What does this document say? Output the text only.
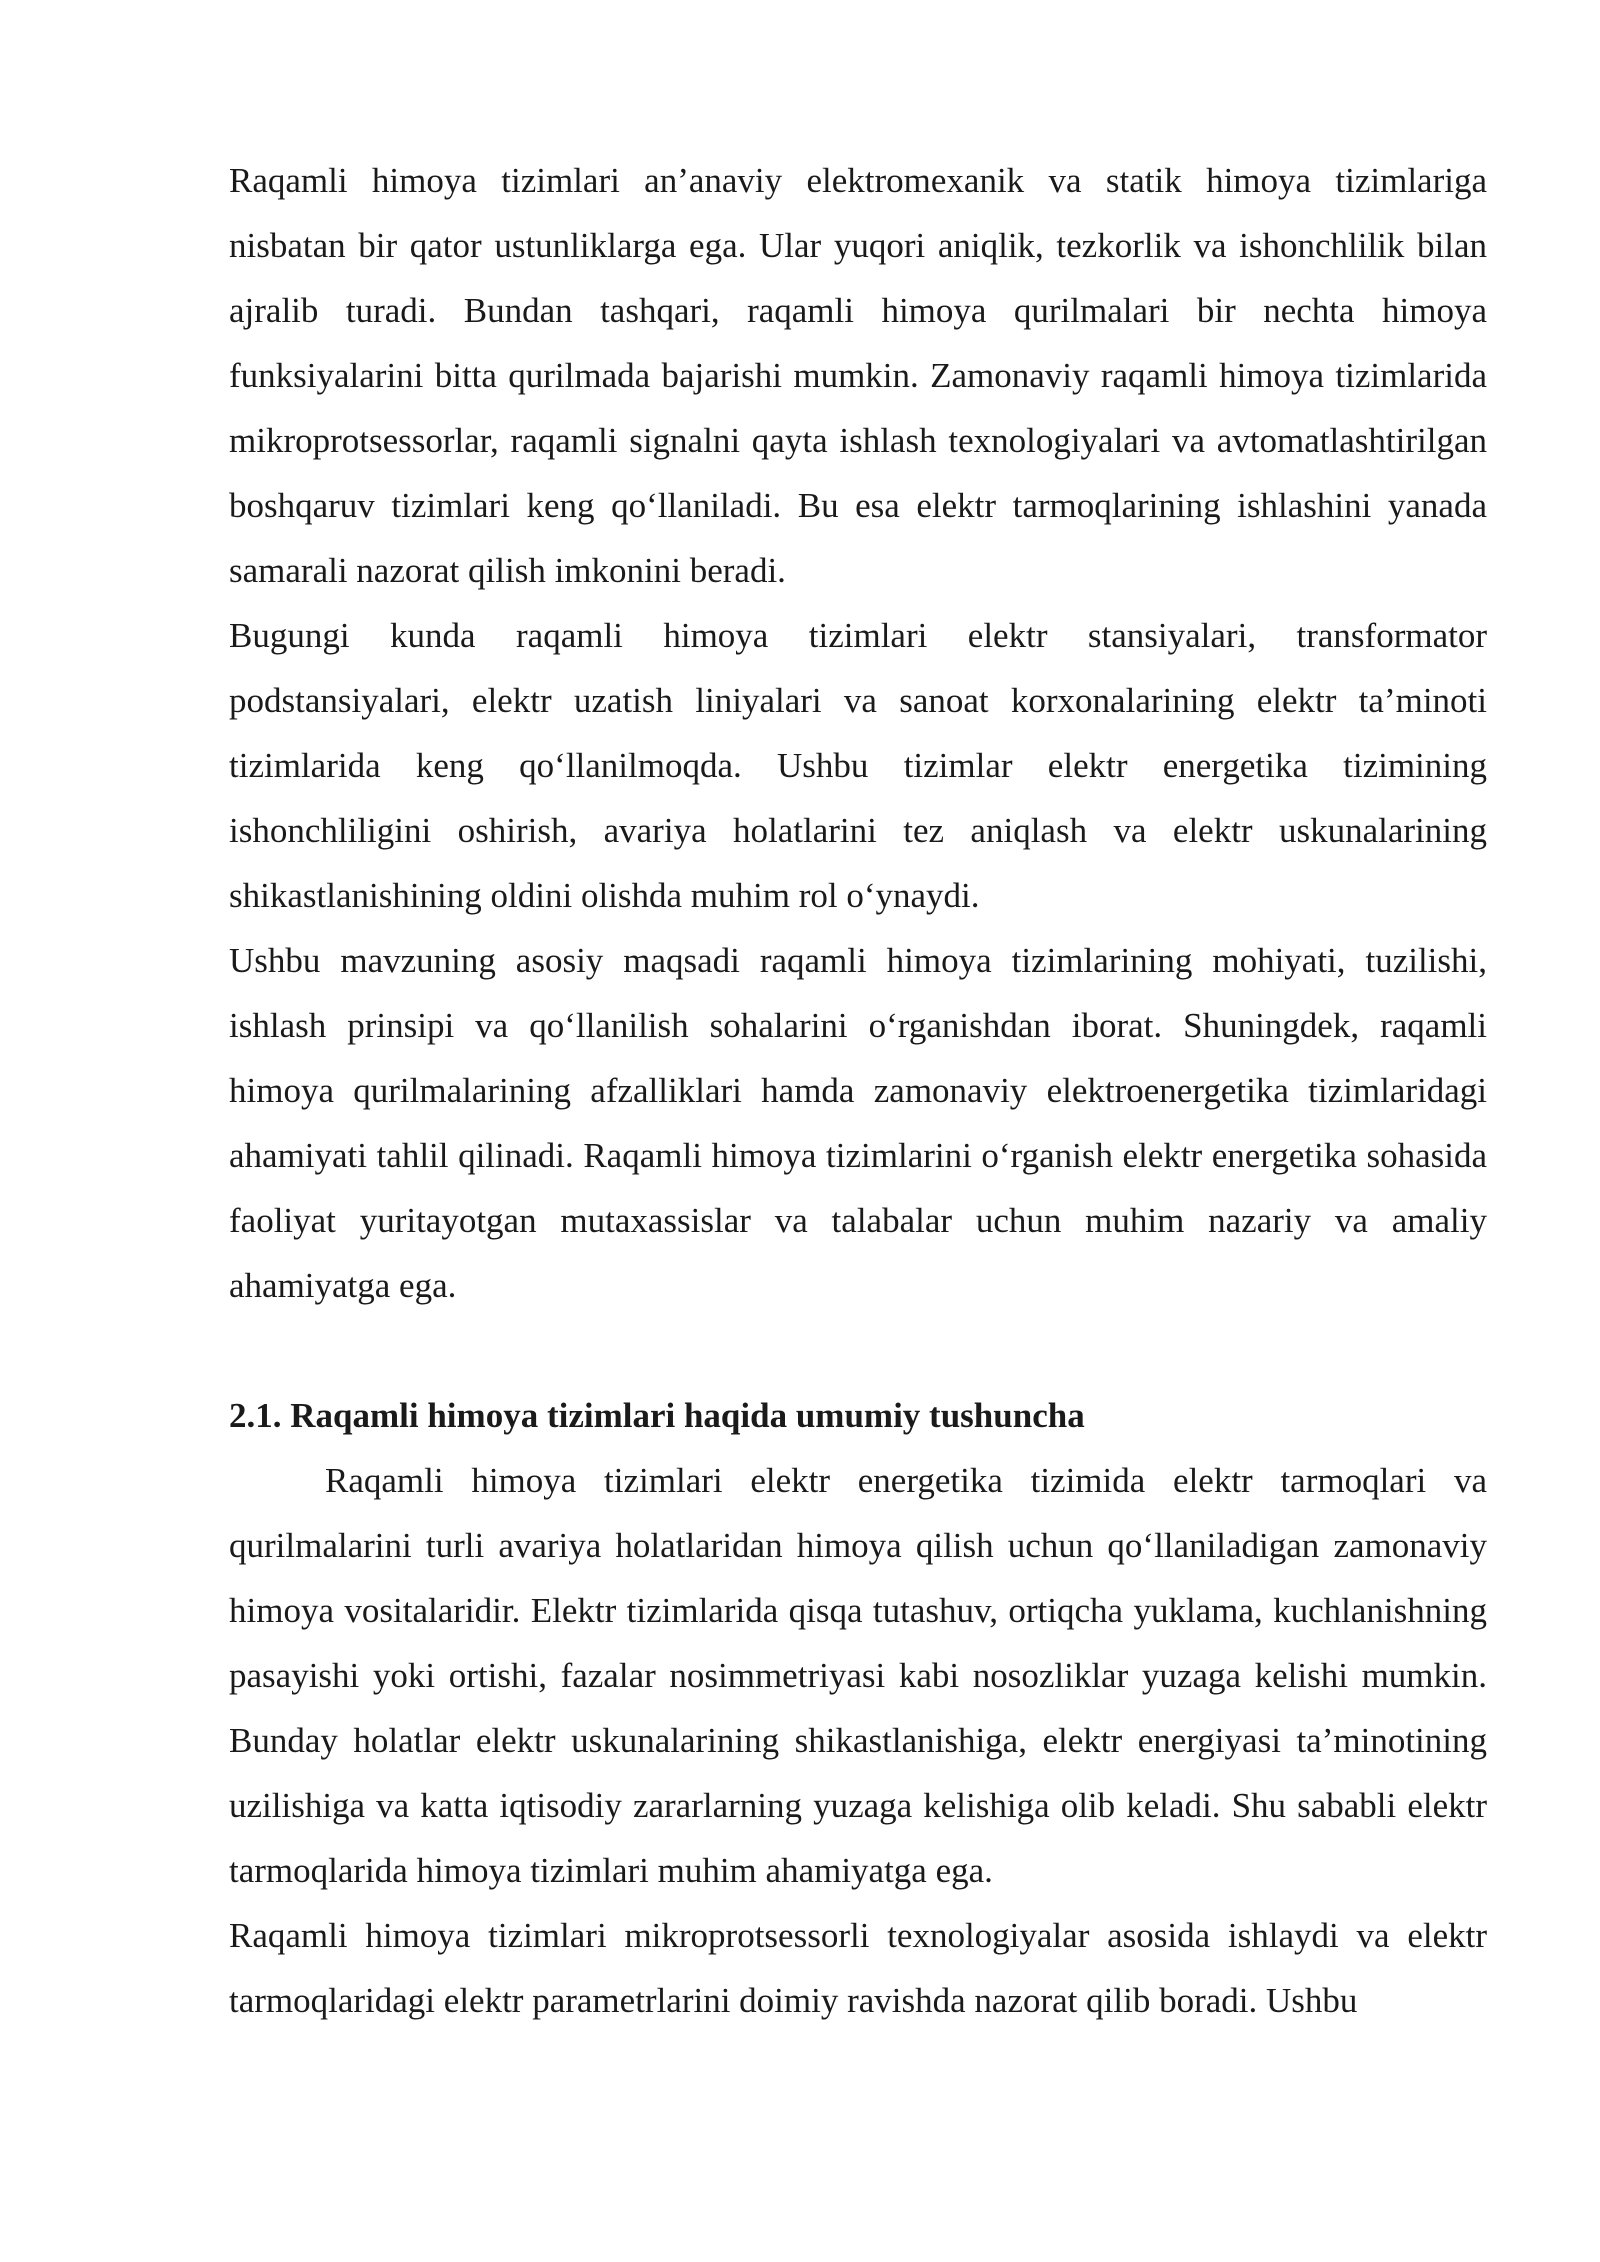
Raqamli himoya tizimlari an’anaviy elektromexanik va statik himoya tizimlariga nisbatan bir qator ustunliklarga ega. Ular yuqori aniqlik, tezkorlik va ishonchlilik bilan ajralib turadi. Bundan tashqari, raqamli himoya qurilmalari bir nechta himoya funksiyalarini bitta qurilmada bajarishi mumkin. Zamonaviy raqamli himoya tizimlarida mikroprotsessorlar, raqamli signalni qayta ishlash texnologiyalari va avtomatlashtirilgan boshqaruv tizimlari keng qo‘llaniladi. Bu esa elektr tarmoqlarining ishlashini yanada samarali nazorat qilish imkonini beradi.

Bugungi kunda raqamli himoya tizimlari elektr stansiyalari, transformator podstansiyalari, elektr uzatish liniyalari va sanoat korxonalarining elektr ta’minoti tizimlarida keng qo‘llanilmoqda. Ushbu tizimlar elektr energetika tizimining ishonchliligini oshirish, avariya holatlarini tez aniqlash va elektr uskunalarining shikastlanishining oldini olishda muhim rol o‘ynaydi.

Ushbu mavzuning asosiy maqsadi raqamli himoya tizimlarining mohiyati, tuzilishi, ishlash prinsipi va qo‘llanilish sohalarini o‘rganishdan iborat. Shuningdek, raqamli himoya qurilmalarining afzalliklari hamda zamonaviy elektroenergetika tizimlaridagi ahamiyati tahlil qilinadi. Raqamli himoya tizimlarini o‘rganish elektr energetika sohasida faoliyat yuritayotgan mutaxassislar va talabalar uchun muhim nazariy va amaliy ahamiyatga ega.

2.1. Raqamli himoya tizimlari haqida umumiy tushuncha

Raqamli himoya tizimlari elektr energetika tizimida elektr tarmoqlari va qurilmalarini turli avariya holatlaridan himoya qilish uchun qo‘llaniladigan zamonaviy himoya vositalaridir. Elektr tizimlarida qisqa tutashuv, ortiqcha yuklama, kuchlanishning pasayishi yoki ortishi, fazalar nosimmetriyasi kabi nosozliklar yuzaga kelishi mumkin. Bunday holatlar elektr uskunalarining shikastlanishiga, elektr energiyasi ta’minotining uzilishiga va katta iqtisodiy zararlarning yuzaga kelishiga olib keladi. Shu sababli elektr tarmoqlarida himoya tizimlari muhim ahamiyatga ega.

Raqamli himoya tizimlari mikroprotsessorli texnologiyalar asosida ishlaydi va elektr tarmoqlaridagi elektr parametrlarini doimiy ravishda nazorat qilib boradi. Ushbu
